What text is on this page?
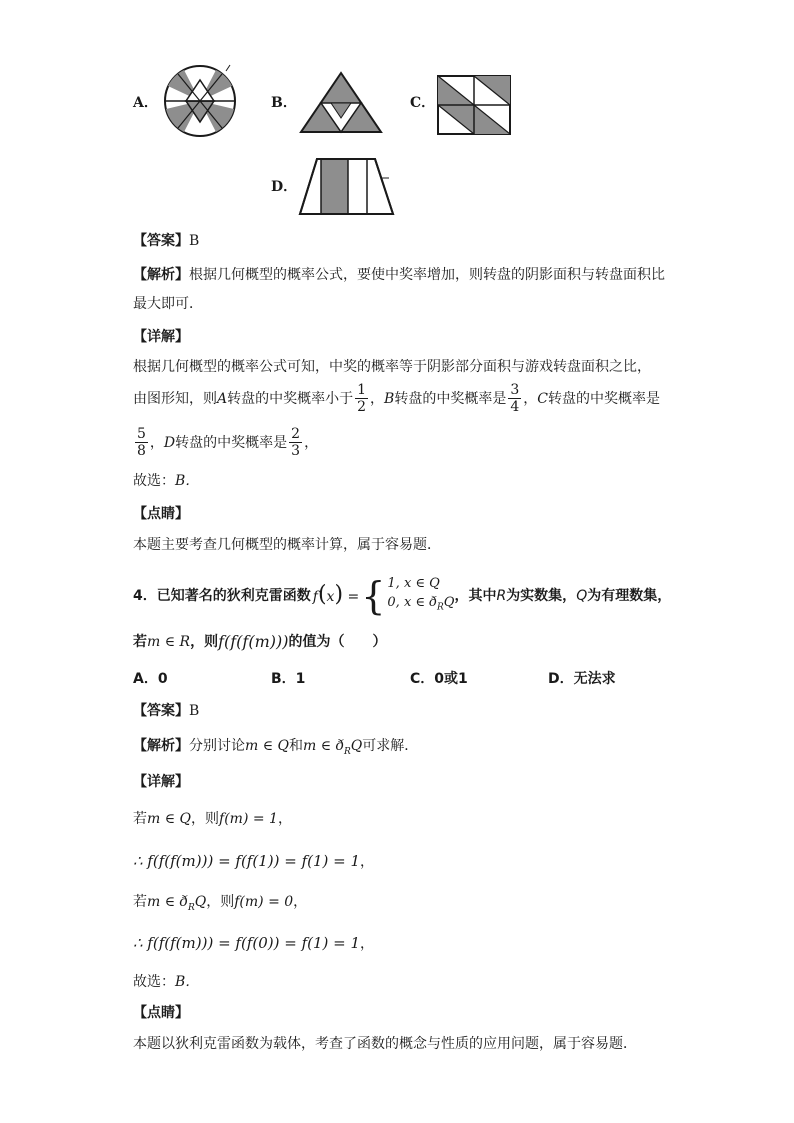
A．	B．	C．
D．
【答案】B
【解析】根据几何概型的概率公式，要使中奖率增加，则转盘的阴影面积与转盘面积比
最大即可．
【详解】
根据几何概型的概率公式可知，中奖的概率等于阴影部分面积与游戏转盘面积之比，
由图形知，则 A 转盘的中奖概率小于 $\frac{1}{2}$ ， B 转盘的中奖概率是 $\frac{3}{4}$ ， C 转盘的中奖概率是
$\frac{5}{8}$ ， D 转盘的中奖概率是 $\frac{2}{3}$ ，
故选：B．
【点睛】
本题主要考查几何概型的概率计算，属于容易题．
4． 已知著名的狄利克雷函数 f(x) = { 1, x ∈ Q
0, x ∈ $ð_RQ$ ，其中 R 为实数集， Q 为有理数集，
若 m ∈ R ，则 f(f(f(m))) 的值为（　　）
A．0	B．1	C．0或1	D．无法求
【答案】B
【解析】分别讨论m ∈ Q和m ∈ $ð_RQ$可求解．
【详解】
若m ∈ Q，则f(m) = 1，
∴ f(f(f(m))) = f(f(1)) = f(1) = 1，
若m ∈ $ð_RQ$，则f(m) = 0，
∴ f(f(f(m))) = f(f(0)) = f(1) = 1，
故选：B．
【点睛】
本题以狄利克雷函数为载体，考查了函数的概念与性质的应用问题，属于容易题．
